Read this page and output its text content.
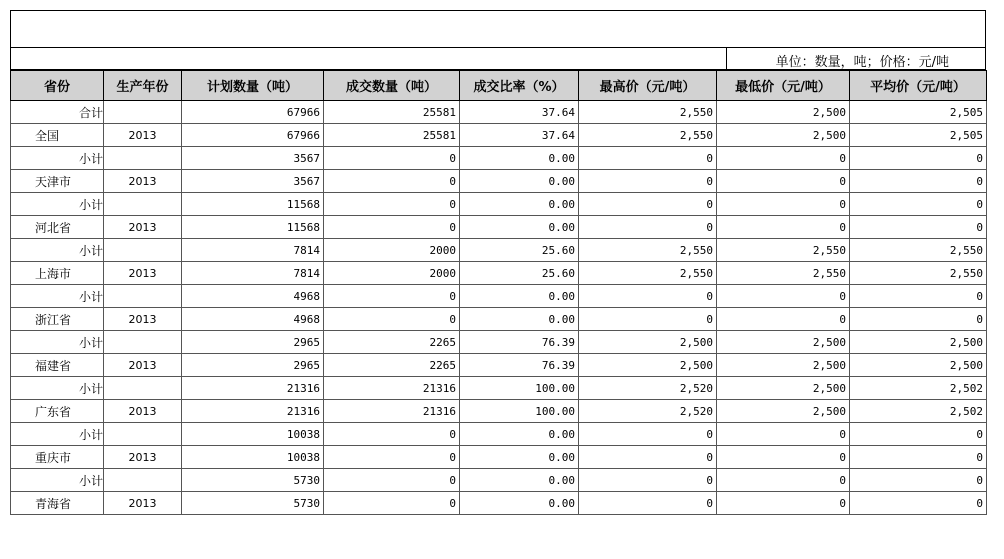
单位：数量，吨；价格：元/吨
省份	生产年份	计划数量（吨）	成交数量（吨）	成交比率（%）	最高价（元/吨）	最低价（元/吨）	平均价（元/吨）
合计		67966	25581	37.64	2,550	2,500	2,505
全国	2013	67966	25581	37.64	2,550	2,500	2,505
小计		3567	0	0.00	0	0	0
天津市	2013	3567	0	0.00	0	0	0
小计		11568	0	0.00	0	0	0
河北省	2013	11568	0	0.00	0	0	0
小计		7814	2000	25.60	2,550	2,550	2,550
上海市	2013	7814	2000	25.60	2,550	2,550	2,550
小计		4968	0	0.00	0	0	0
浙江省	2013	4968	0	0.00	0	0	0
小计		2965	2265	76.39	2,500	2,500	2,500
福建省	2013	2965	2265	76.39	2,500	2,500	2,500
小计		21316	21316	100.00	2,520	2,500	2,502
广东省	2013	21316	21316	100.00	2,520	2,500	2,502
小计		10038	0	0.00	0	0	0
重庆市	2013	10038	0	0.00	0	0	0
小计		5730	0	0.00	0	0	0
青海省	2013	5730	0	0.00	0	0	0
